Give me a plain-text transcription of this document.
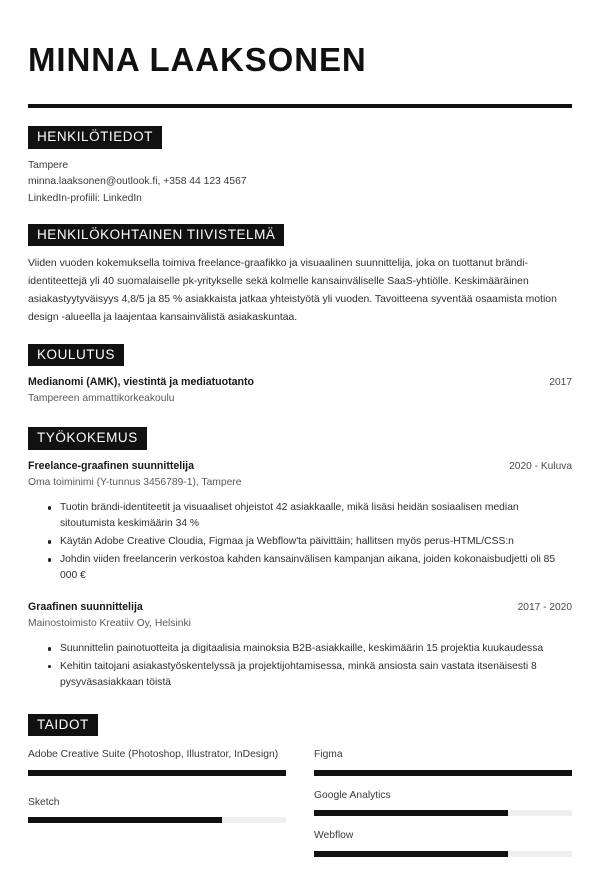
MINNA LAAKSONEN
HENKILÖTIEDOT
Tampere
minna.laaksonen@outlook.fi, +358 44 123 4567
LinkedIn-profiili: LinkedIn
HENKILÖKOHTAINEN TIIVISTELMÄ

Viiden vuoden kokemuksella toimiva freelance-graafikko ja visuaalinen suunnittelija, joka on tuottanut brändi-identiteettejä yli 40 suomalaiselle pk-yritykselle sekä kolmelle kansainväliselle SaaS-yhtiölle. Keskimääräinen asiakastyytyväisyys 4,8/5 ja 85 % asiakkaista jatkaa yhteistyötä yli vuoden. Tavoitteena syventää osaamista motion design -alueella ja laajentaa kansainvälistä asiakaskuntaa.

KOULUTUS
Medianomi (AMK), viestintä ja mediatuotanto	2017
Tampereen ammattikorkeakoulu
TYÖKOKEMUS
Freelance-graafinen suunnittelija	2020 - Kuluva
Oma toiminimi (Y-tunnus 3456789-1), Tampere
Tuotin brändi-identiteetit ja visuaaliset ohjeistot 42 asiakkaalle, mikä lisäsi heidän sosiaalisen median sitoutumista keskimäärin 34 %
Käytän Adobe Creative Cloudia, Figmaa ja Webflow'ta päivittäin; hallitsen myös perus-HTML/CSS:n
Johdin viiden freelancerin verkostoa kahden kansainvälisen kampanjan aikana, joiden kokonaisbudjetti oli 85 000 €
Graafinen suunnittelija	2017 - 2020
Mainostoimisto Kreatiiv Oy, Helsinki
Suunnittelin painotuotteita ja digitaalisia mainoksia B2B-asiakkaille, keskimäärin 15 projektia kuukaudessa
Kehitin taitojani asiakastyöskentelyssä ja projektijohtamisessa, minkä ansiosta sain vastata itsenäisesti 8 pysyväsasiakkaan töistä
TAIDOT
Adobe Creative Suite (Photoshop, Illustrator, InDesign)
Sketch
Figma
Google Analytics
Webflow
